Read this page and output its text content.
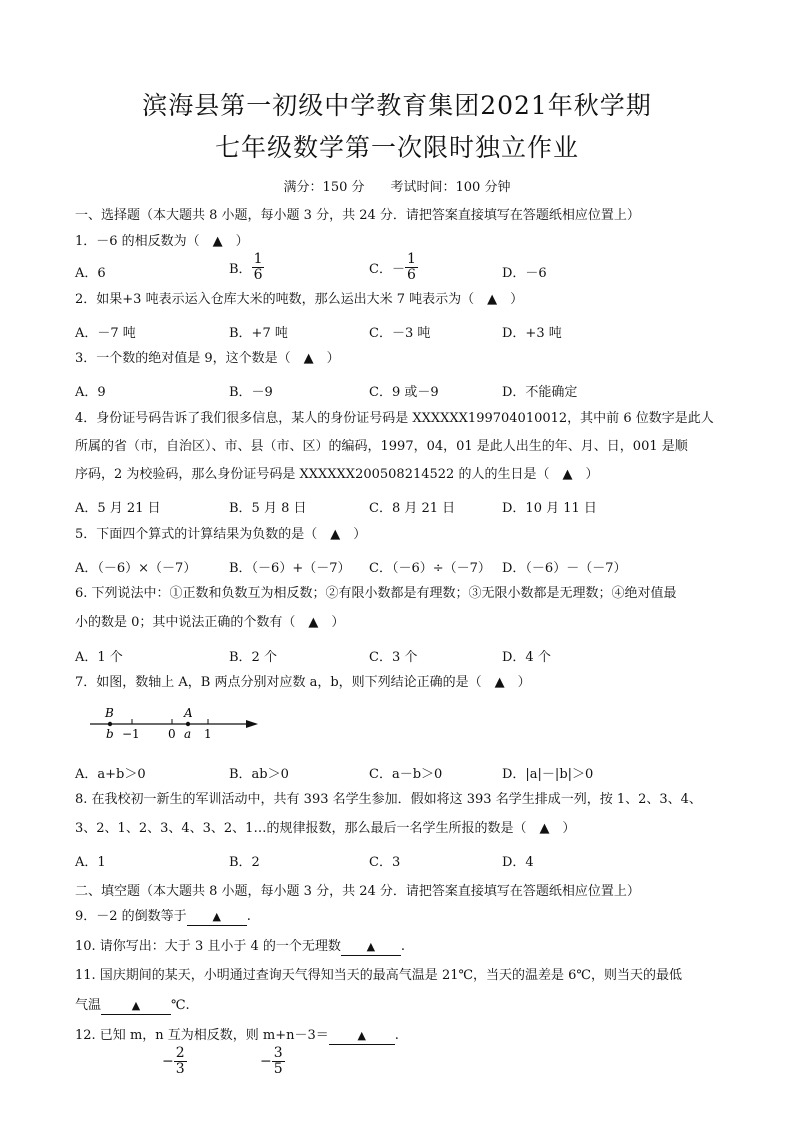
滨海县第一初级中学教育集团2021年秋学期
七年级数学第一次限时独立作业
满分：150 分　　考试时间：100 分钟
一、选择题（本大题共 8 小题，每小题 3 分，共 24 分．请把答案直接填写在答题纸相应位置上）
1．－6 的相反数为（　▲　）
A．6	B． $\frac{1}{6}$	C．－ $\frac{1}{6}$	D．－6
2．如果+3 吨表示运入仓库大米的吨数，那么运出大米 7 吨表示为（　▲　）
A．－7 吨	B．+7 吨	C．－3 吨	D．+3 吨
3．一个数的绝对值是 9，这个数是（　▲　）
A．9	B．－9	C．9 或－9	D．不能确定
4．身份证号码告诉了我们很多信息，某人的身份证号码是 XXXXXX199704010012，其中前 6 位数字是此人
所属的省（市，自治区）、市、县（市、区）的编码，1997，04，01 是此人出生的年、月、日，001 是顺
序码，2 为校验码，那么身份证号码是 XXXXXX200508214522 的人的生日是（　▲　）
A．5 月 21 日	B．5 月 8 日	C．8 月 21 日	D．10 月 11 日
5．下面四个算式的计算结果为负数的是（　▲　）
A．（－6）×（－7）	B．（－6）+（－7） C．（－6）÷（－7） D．（－6）－（－7）
6. 下列说法中：①正数和负数互为相反数；②有限小数都是有理数；③无限小数都是无理数；④绝对值最
小的数是 0；其中说法正确的个数有（　▲　）
A．1 个	B．2 个	C．3 个	D．4 个
7．如图，数轴上 A，B 两点分别对应数 a，b，则下列结论正确的是（　▲　）
B	A
b −1 0 a 1
A．a+b＞0	B．ab＞0	C．a－b＞0	D．|a|－|b|＞0
8. 在我校初一新生的军训活动中，共有 393 名学生参加．假如将这 393 名学生排成一列，按 1、2、3、4、
3、2、1、2、3、4、3、2、1…的规律报数，那么最后一名学生所报的数是（　▲　）
A．1	B．2	C．3	D．4
二、填空题（本大题共 8 小题，每小题 3 分，共 24 分．请把答案直接填写在答题纸相应位置上）
9．－2 的倒数等于 ▲ .
10. 请你写出：大于 3 且小于 4 的一个无理数 ▲ .
11. 国庆期间的某天，小明通过查询天气得知当天的最高气温是 21℃，当天的温差是 6℃，则当天的最低
气温	▲ ℃.
12. 已知 m，n 互为相反数，则 m+n－3＝	▲ .
− $\frac{2}{3}$	− $\frac{3}{5}$
